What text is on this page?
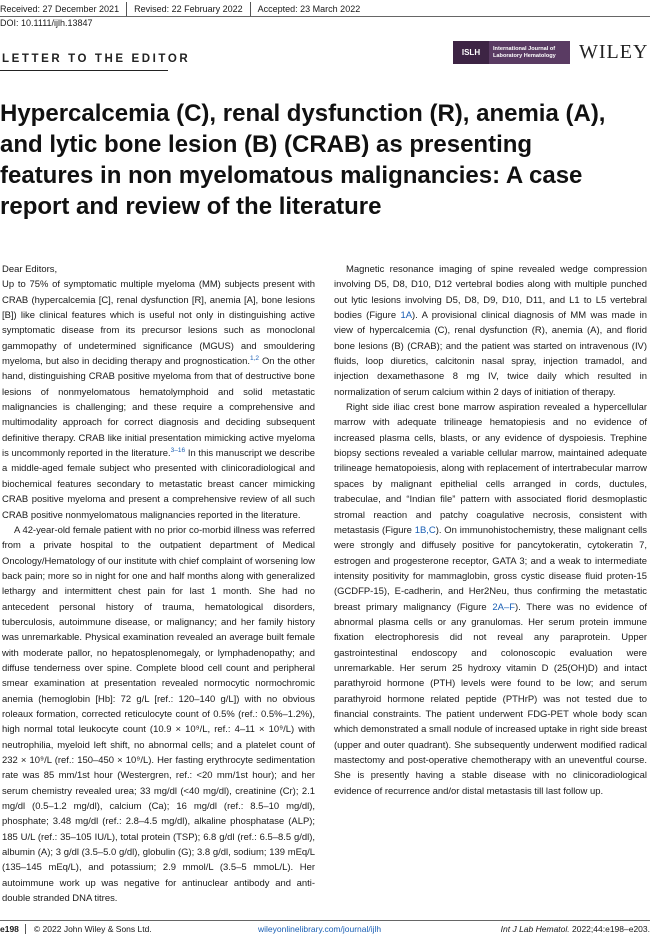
Received: 27 December 2021	Revised: 22 February 2022	Accepted: 23 March 2022
DOI: 10.1111/ijlh.13847
LETTER TO THE EDITOR
ISLH	International Journal of
Laboratory Hematology WILEY
Hypercalcemia (C), renal dysfunction (R), anemia (A), and lytic bone lesion (B) (CRAB) as presenting features in non myelomatous malignancies: A case report and review of the literature

Dear Editors,

Up to 75% of symptomatic multiple myeloma (MM) subjects present with CRAB (hypercalcemia [C], renal dysfunction [R], anemia [A], bone lesions [B]) like clinical features which is useful not only in distinguishing active symptomatic disease from its precursor lesions such as monoclonal gammopathy of undetermined significance (MGUS) and smouldering myeloma, but also in deciding therapy and prognostication.$^{1,2}$ On the other hand, distinguishing CRAB positive myeloma from that of destructive bone lesions of nonmyelomatous hematolymphoid and solid metastatic malignancies is challenging; and these require a comprehensive and multimodality approach for correct diagnosis and deciding subsequent definitive therapy. CRAB like initial presentation mimicking active myeloma is uncommonly reported in the literature.$^{3-16}$ In this manuscript we describe a middle-aged female subject who presented with clinicoradiological and biochemical features secondary to metastatic breast cancer mimicking CRAB positive myeloma and present a comprehensive review of all such CRAB positive nonmyelomatous malignancies reported in the literature.

A 42-year-old female patient with no prior co-morbid illness was referred from a private hospital to the outpatient department of Medical Oncology/Hematology of our institute with chief complaint of worsening low back pain; more so in night for one and half months along with generalized lethargy and intermittent chest pain for last 1 month. She had no antecedent personal history of trauma, hematological disorders, tuberculosis, autoimmune disease, or malignancy; and her family history was unremarkable. Physical examination revealed an average built female with moderate pallor, no hepatosplenomegaly, or lymphadenopathy; and diffuse tenderness over spine. Complete blood cell count and peripheral smear examination at presentation revealed normocytic normochromic anemia (hemoglobin [Hb]: 72 g/L [ref.: 120–140 g/L]) with no obvious roleaux formation, corrected reticulocyte count of 0.5% (ref.: 0.5%–1.2%), high normal total leukocyte count (10.9 × 10⁹/L, ref.: 4–11 × 10⁹/L) with neutrophilia, myeloid left shift, no abnormal cells; and a platelet count of 232 × 10⁹/L (ref.: 150–450 × 10⁹/L). Her fasting erythrocyte sedimentation rate was 85 mm/1st hour (Westergren, ref.: <20 mm/1st hour); and her serum chemistry revealed urea; 33 mg/dl (<40 mg/dl), creatinine (Cr); 2.1 mg/dl (0.5–1.2 mg/dl), calcium (Ca); 16 mg/dl (ref.: 8.5–10 mg/dl), phosphate; 3.48 mg/dl (ref.: 2.8–4.5 mg/dl), alkaline phosphatase (ALP); 185 U/L (ref.: 35–105 IU/L), total protein (TSP); 6.8 g/dl (ref.: 6.5–8.5 g/dl), albumin (A); 3 g/dl (3.5–5.0 g/dl), globulin (G); 3.8 g/dl, sodium; 139 mEq/L (135–145 mEq/L), and potassium; 2.9 mmol/L (3.5–5 mmoL/L). Her autoimmune work up was negative for antinuclear antibody and anti-double stranded DNA titres.

Magnetic resonance imaging of spine revealed wedge compression involving D5, D8, D10, D12 vertebral bodies along with multiple punched out lytic lesions involving D5, D8, D9, D10, D11, and L1 to L5 vertebral bodies (Figure 1A). A provisional clinical diagnosis of MM was made in view of hypercalcemia (C), renal dysfunction (R), anemia (A), and florid bone lesions (B) (CRAB); and the patient was started on intravenous (IV) fluids, loop diuretics, calcitonin nasal spray, injection tramadol, and injection dexamethasone 8 mg IV, twice daily which resulted in normalization of serum calcium within 2 days of initiation of therapy.

Right side iliac crest bone marrow aspiration revealed a hypercellular marrow with adequate trilineage hematopiesis and no evidence of increased plasma cells, blasts, or any evidence of dyspoiesis. Trephine biopsy sections revealed a variable cellular marrow, maintained adequate trilineage hematopoiesis, along with replacement of intertrabecular marrow spaces by malignant epithelial cells arranged in cords, ductules, trabeculae, and “Indian file” pattern with associated florid desmoplastic stromal reaction and patchy coagulative necrosis, consistent with metastasis (Figure 1B,C). On immunohistochemistry, these malignant cells were strongly and diffusely positive for pancytokeratin, cytokeratin 7, estrogen and progesterone receptor, GATA 3; and a weak to intermediate intensity positivity for mammaglobin, gross cystic disease fluid proten-15 (GCDFP-15), E-cadherin, and Her2Neu, thus confirming the metastatic breast primary malignancy (Figure 2A–F). There was no evidence of abnormal plasma cells or any granulomas. Her serum protein immune fixation electrophoresis did not reveal any paraprotein. Upper gastrointestinal endoscopy and colonoscopic evaluation were unremarkable. Her serum 25 hydroxy vitamin D (25(OH)D) and intact parathyroid hormone (PTH) levels were found to be low; and serum parathyroid hormone related peptide (PTHrP) was not tested due to financial constraints. The patient underwent FDG-PET whole body scan which demonstrated a small nodule of increased uptake in right side breast (upper and outer quadrant). She subsequently underwent modified radical mastectomy and post-operative chemotherapy with an uneventful course. She is presently having a stable disease with no clinicoradiological evidence of recurrence and/or distal metastasis till last follow up.

e198	© 2022 John Wiley & Sons Ltd.	wileyonlinelibrary.com/journal/ijlh	Int J Lab Hematol. 2022;44:e198–e203.
